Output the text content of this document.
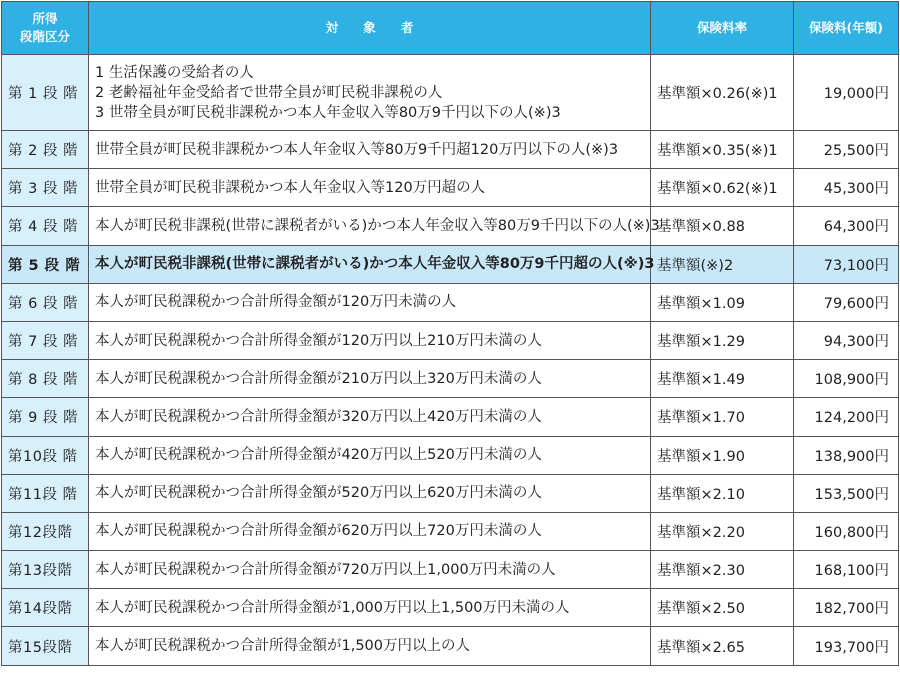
所得
段階区分	対　　象　　者	保険料率	保険料(年額)
第 1 段 階	1 生活保護の受給者の人
2 老齢福祉年金受給者で世帯全員が町民税非課税の人
3 世帯全員が町民税非課税かつ本人年金収入等80万9千円以下の人(※)3	基準額×0.26(※)1	19,000円
第 2 段 階	世帯全員が町民税非課税かつ本人年金収入等80万9千円超120万円以下の人(※)3	基準額×0.35(※)1	25,500円
第 3 段 階	世帯全員が町民税非課税かつ本人年金収入等120万円超の人	基準額×0.62(※)1	45,300円
第 4 段 階	本人が町民税非課税(世帯に課税者がいる)かつ本人年金収入等80万9千円以下の人(※)3	基準額×0.88	64,300円
第 5 段 階	本人が町民税非課税(世帯に課税者がいる)かつ本人年金収入等80万9千円超の人(※)3	基準額(※)2	73,100円
第 6 段 階	本人が町民税課税かつ合計所得金額が120万円未満の人	基準額×1.09	79,600円
第 7 段 階	本人が町民税課税かつ合計所得金額が120万円以上210万円未満の人	基準額×1.29	94,300円
第 8 段 階	本人が町民税課税かつ合計所得金額が210万円以上320万円未満の人	基準額×1.49	108,900円
第 9 段 階	本人が町民税課税かつ合計所得金額が320万円以上420万円未満の人	基準額×1.70	124,200円
第10段 階	本人が町民税課税かつ合計所得金額が420万円以上520万円未満の人	基準額×1.90	138,900円
第11段 階	本人が町民税課税かつ合計所得金額が520万円以上620万円未満の人	基準額×2.10	153,500円
第12段階	本人が町民税課税かつ合計所得金額が620万円以上720万円未満の人	基準額×2.20	160,800円
第13段階	本人が町民税課税かつ合計所得金額が720万円以上1,000万円未満の人	基準額×2.30	168,100円
第14段階	本人が町民税課税かつ合計所得金額が1,000万円以上1,500万円未満の人	基準額×2.50	182,700円
第15段階	本人が町民税課税かつ合計所得金額が1,500万円以上の人	基準額×2.65	193,700円
